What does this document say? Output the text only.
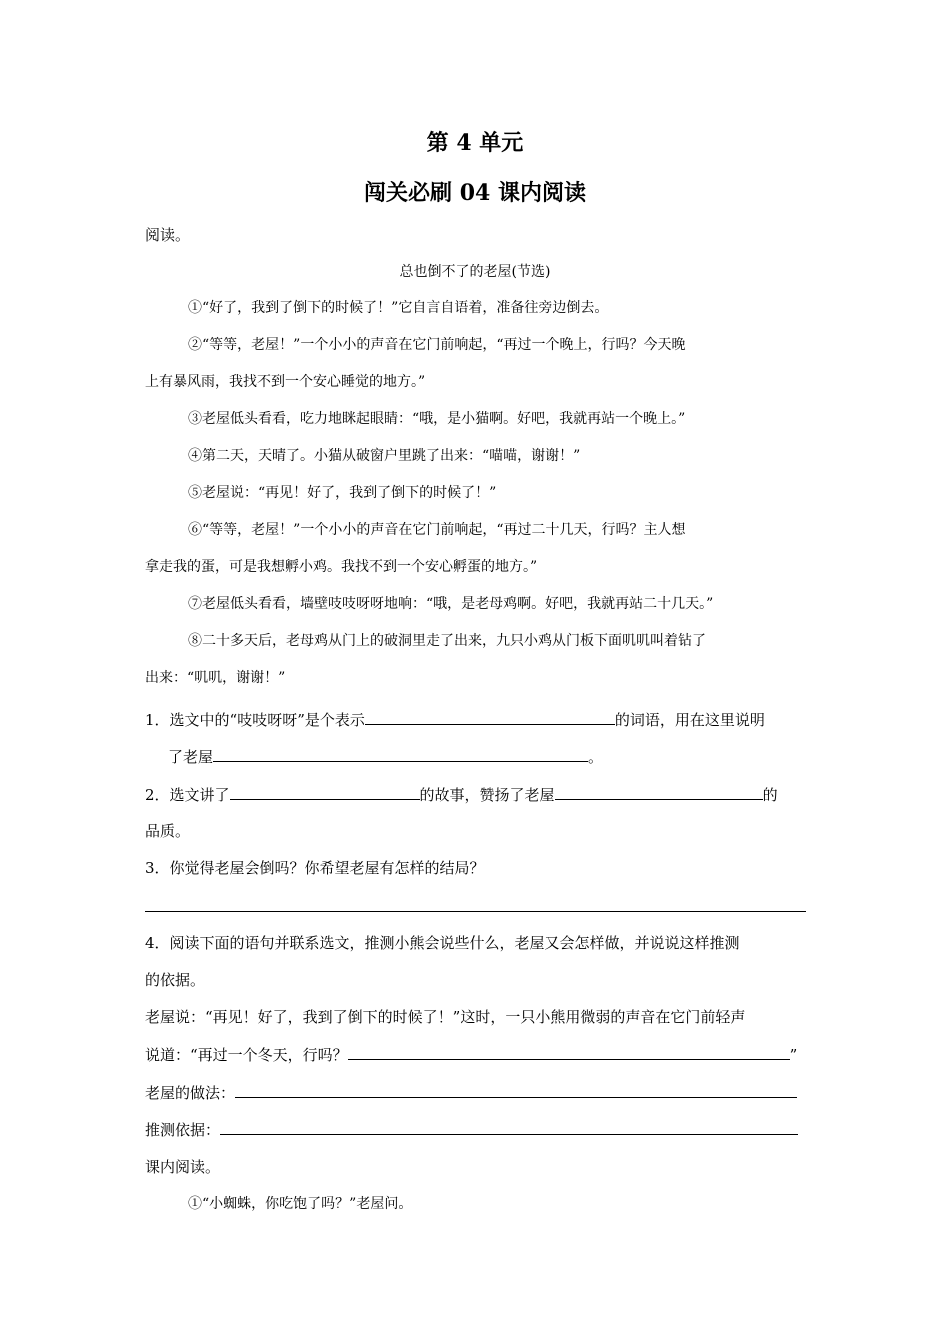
第 4 单元
闯关必刷 04 课内阅读
阅读。
总也倒不了的老屋(节选)
①“好了，我到了倒下的时候了！”它自言自语着，准备往旁边倒去。
②“等等，老屋！”一个小小的声音在它门前响起，“再过一个晚上，行吗？今天晚
上有暴风雨，我找不到一个安心睡觉的地方。”
③老屋低头看看，吃力地眯起眼睛：“哦，是小猫啊。好吧，我就再站一个晚上。”
④第二天，天晴了。小猫从破窗户里跳了出来：“喵喵，谢谢！”
⑤老屋说：“再见！好了，我到了倒下的时候了！”
⑥“等等，老屋！”一个小小的声音在它门前响起，“再过二十几天，行吗？主人想
拿走我的蛋，可是我想孵小鸡。我找不到一个安心孵蛋的地方。”
⑦老屋低头看看，墙壁吱吱呀呀地响：“哦，是老母鸡啊。好吧，我就再站二十几天。”
⑧二十多天后，老母鸡从门上的破洞里走了出来，九只小鸡从门板下面叽叽叫着钻了
出来：“叽叽，谢谢！”
1．选文中的“吱吱呀呀”是个表示	的词语，用在这里说明
了老屋	。
2．选文讲了	的故事，赞扬了老屋	的
品质。
3．你觉得老屋会倒吗？你希望老屋有怎样的结局？
4．阅读下面的语句并联系选文，推测小熊会说些什么，老屋又会怎样做，并说说这样推测
的依据。
老屋说：“再见！好了，我到了倒下的时候了！”这时，一只小熊用微弱的声音在它门前轻声
说道：“再过一个冬天，行吗？	”
老屋的做法：
推测依据：
课内阅读。
①“小蜘蛛，你吃饱了吗？”老屋问。
